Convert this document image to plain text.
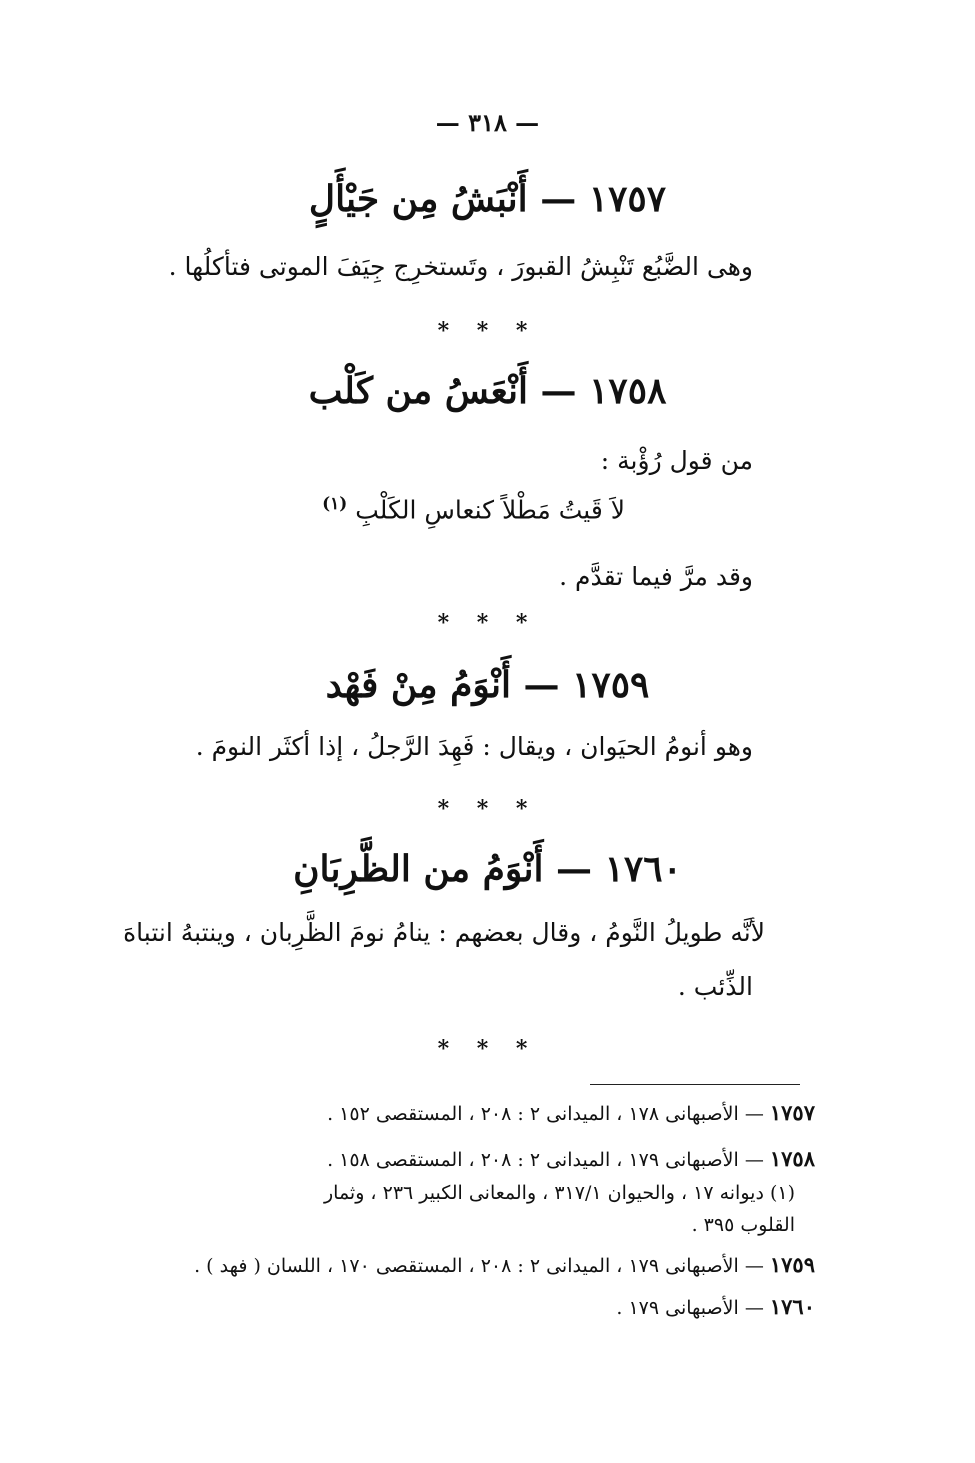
— ٣١٨ —
١٧٥٧ — أَنْبَشُ مِن جَيْأَلٍ
وهى الضَّبُع تَنْبِشُ القبورَ ، وتَستخرِج جِيَفَ الموتى فتأكلُها .
* * *
١٧٥٨ — أَنْعَسُ من كَلْب
من قول رُؤْبة :
لاَ قَيتُ مَطْلاً كنعاسِ الكَلْبِ $^{(١)}$
وقد مرَّ فيما تقدَّم .
* * *
١٧٥٩ — أَنْوَمُ مِنْ فَهْد
وهو أنومُ الحيَوان ، ويقال : فَهِدَ الرَّجلُ ، إذا أكثَر النومَ .
* * *
١٧٦٠ — أَنْوَمُ من الظَّرِبَانِ
لأنَّه طويلُ النَّومُ ، وقال بعضهم : ينامُ نومَ الظَّرِبان ، وينتبهُ انتباهَ
الذِّئب .
* * *
١٧٥٧ — الأصبهانى ١٧٨ ، الميدانى ٢ : ٢٠٨ ، المستقصى ١٥٢ .
١٧٥٨ — الأصبهانى ١٧٩ ، الميدانى ٢ : ٢٠٨ ، المستقصى ١٥٨ .
(١) ديوانه ١٧ ، والحيوان ٣١٧/١ ، والمعانى الكبير ٢٣٦ ، وثمار
القلوب ٣٩٥ .
١٧٥٩ — الأصبهانى ١٧٩ ، الميدانى ٢ : ٢٠٨ ، المستقصى ١٧٠ ، اللسان ( فهد ) .
١٧٦٠ — الأصبهانى ١٧٩ .
